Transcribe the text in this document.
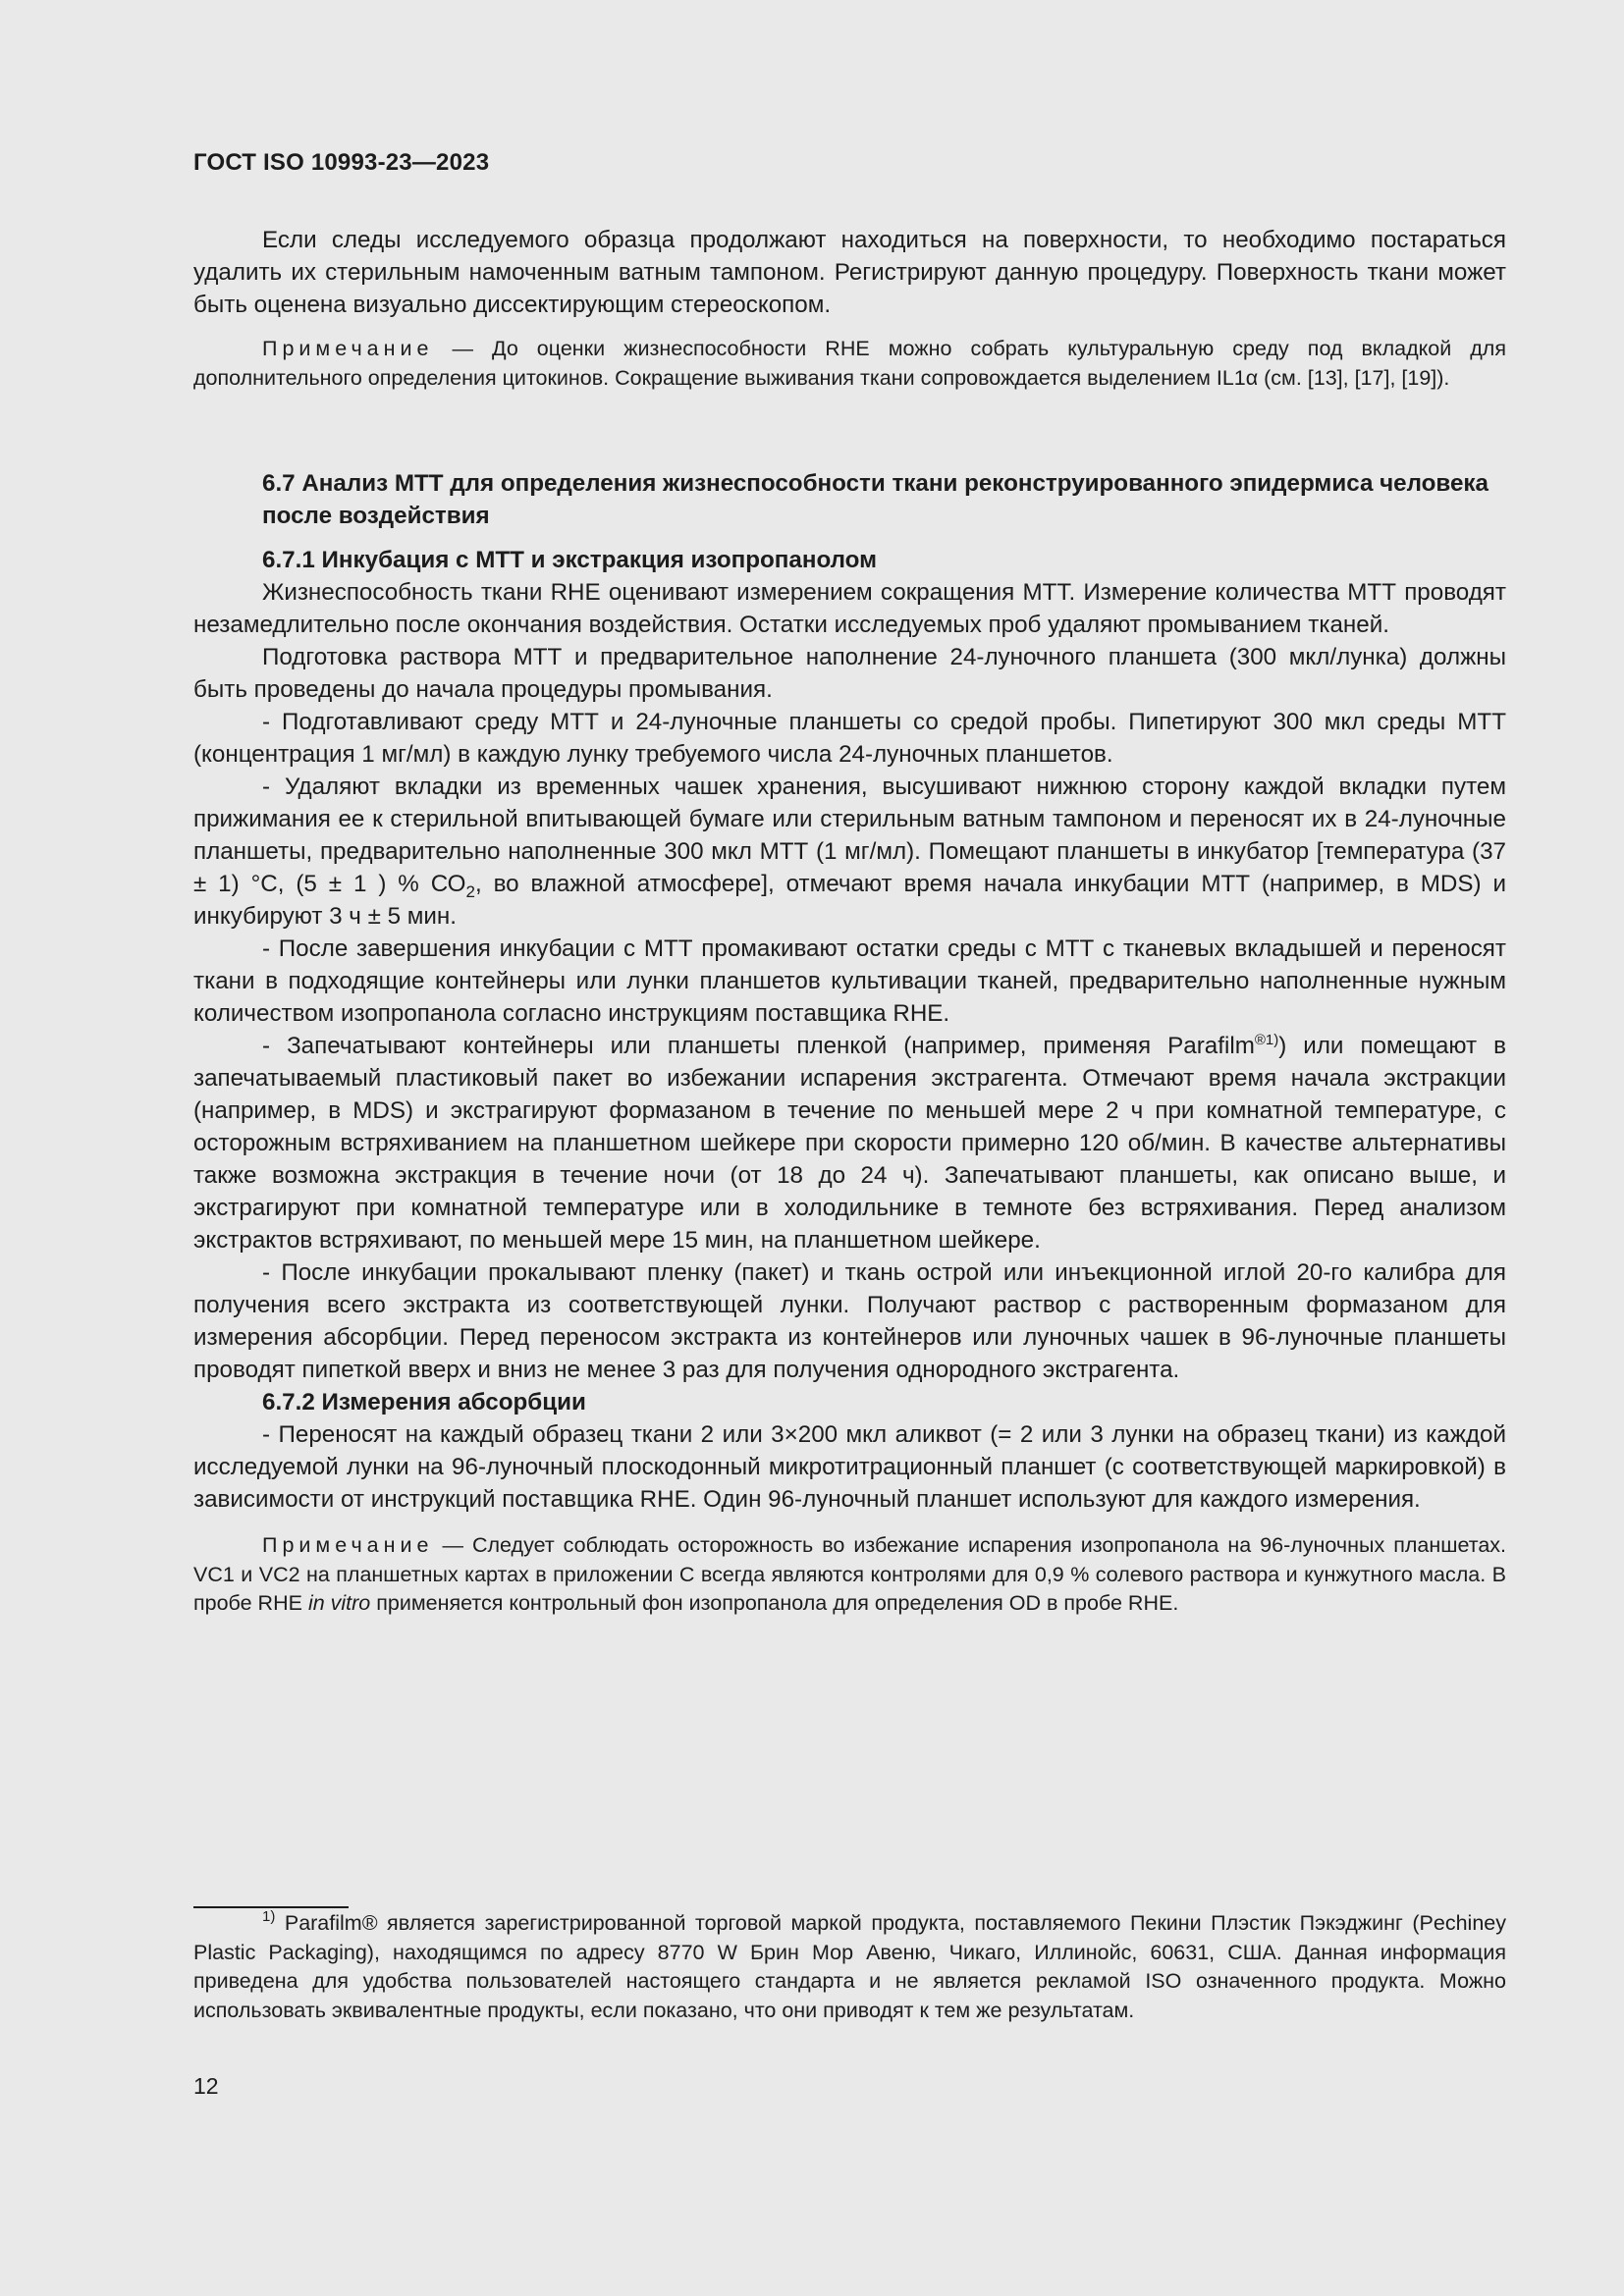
ГОСТ ISO 10993-23—2023

Если следы исследуемого образца продолжают находиться на поверхности, то необходимо постараться удалить их стерильным намоченным ватным тампоном. Регистрируют данную процедуру. Поверхность ткани может быть оценена визуально диссектирующим стереоскопом.

Примечание — До оценки жизнеспособности RHE можно собрать культуральную среду под вкладкой для дополнительного определения цитокинов. Сокращение выживания ткани сопровождается выделением IL1α (см. [13], [17], [19]).

6.7 Анализ МТТ для определения жизнеспособности ткани реконструированного эпидермиса человека после воздействия

6.7.1 Инкубация с МТТ и экстракция изопропанолом

Жизнеспособность ткани RHE оценивают измерением сокращения МТТ. Измерение количества МТТ проводят незамедлительно после окончания воздействия. Остатки исследуемых проб удаляют промыванием тканей.

Подготовка раствора МТТ и предварительное наполнение 24-луночного планшета (300 мкл/лунка) должны быть проведены до начала процедуры промывания.

- Подготавливают среду МТТ и 24-луночные планшеты со средой пробы. Пипетируют 300 мкл среды МТТ (концентрация 1 мг/мл) в каждую лунку требуемого числа 24-луночных планшетов.

- Удаляют вкладки из временных чашек хранения, высушивают нижнюю сторону каждой вкладки путем прижимания ее к стерильной впитывающей бумаге или стерильным ватным тампоном и переносят их в 24-луночные планшеты, предварительно наполненные 300 мкл МТТ (1 мг/мл). Помещают планшеты в инкубатор [температура (37 ± 1) °С, (5 ± 1 ) % $СО_2$, во влажной атмосфере], отмечают время начала инкубации МТТ (например, в MDS) и инкубируют 3 ч ± 5 мин.

- После завершения инкубации с МТТ промакивают остатки среды с МТТ с тканевых вкладышей и переносят ткани в подходящие контейнеры или лунки планшетов культивации тканей, предварительно наполненные нужным количеством изопропанола согласно инструкциям поставщика RHE.

- Запечатывают контейнеры или планшеты пленкой (например, применяя Parafilm$^{®1)}$) или помещают в запечатываемый пластиковый пакет во избежании испарения экстрагента. Отмечают время начала экстракции (например, в MDS) и экстрагируют формазаном в течение по меньшей мере 2 ч при комнатной температуре, с осторожным встряхиванием на планшетном шейкере при скорости примерно 120 об/мин. В качестве альтернативы также возможна экстракция в течение ночи (от 18 до 24 ч). Запечатывают планшеты, как описано выше, и экстрагируют при комнатной температуре или в холодильнике в темноте без встряхивания. Перед анализом экстрактов встряхивают, по меньшей мере 15 мин, на планшетном шейкере.

- После инкубации прокалывают пленку (пакет) и ткань острой или инъекционной иглой 20-го калибра для получения всего экстракта из соответствующей лунки. Получают раствор с растворенным формазаном для измерения абсорбции. Перед переносом экстракта из контейнеров или луночных чашек в 96-луночные планшеты проводят пипеткой вверх и вниз не менее 3 раз для получения однородного экстрагента.

6.7.2 Измерения абсорбции

- Переносят на каждый образец ткани 2 или 3×200 мкл аликвот (= 2 или 3 лунки на образец ткани) из каждой исследуемой лунки на 96-луночный плоскодонный микротитрационный планшет (с соответствующей маркировкой) в зависимости от инструкций поставщика RHE. Один 96-луночный планшет используют для каждого измерения.

Примечание — Следует соблюдать осторожность во избежание испарения изопропанола на 96-луночных планшетах. VC1 и VC2 на планшетных картах в приложении С всегда являются контролями для 0,9 % солевого раствора и кунжутного масла. В пробе RHE in vitro применяется контрольный фон изопропанола для определения OD в пробе RHE.

$^{1)}$ Parafilm® является зарегистрированной торговой маркой продукта, поставляемого Пекини Плэстик Пэкэджинг (Pechiney Plastic Packaging), находящимся по адресу 8770 W Брин Мор Авеню, Чикаго, Иллинойс, 60631, США. Данная информация приведена для удобства пользователей настоящего стандарта и не является рекламой ISO означенного продукта. Можно использовать эквивалентные продукты, если показано, что они приводят к тем же результатам.

12
